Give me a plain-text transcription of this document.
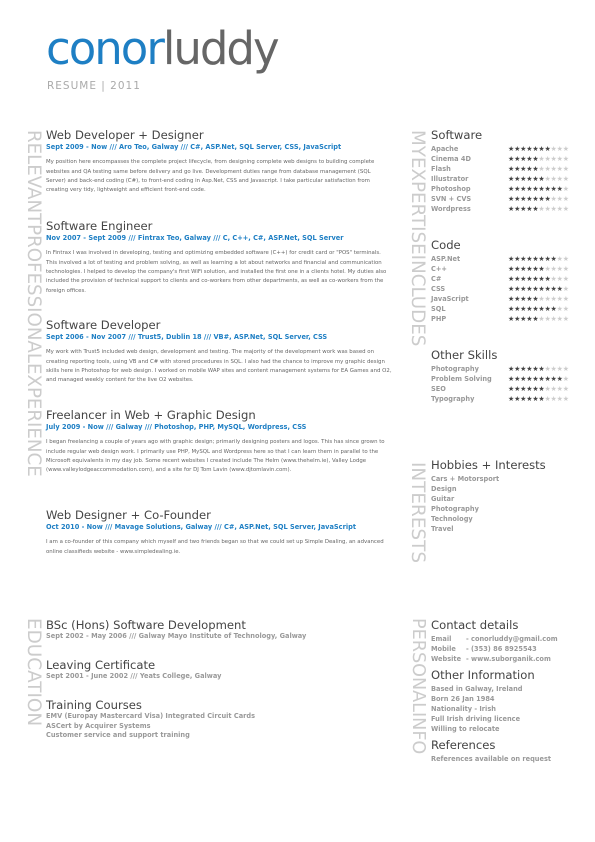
conorluddy
RESUME | 2011
RELEVANTPROFESSIONALEXPERIENCE	MYEXPERTISEINCLUDES
INTERESTS
EDUCATION	PERSONALINFO
Web Developer + Designer
Sept 2009 - Now /// Aro Teo, Galway /// C#, ASP.Net, SQL Server, CSS, JavaScript

My position here encompasses the complete project lifecycle, from designing complete web designs to building complete websites and QA testing same before delivery and go live. Development duties range from database management (SQL Server) and back-end coding (C#), to front-end coding in Asp.Net, CSS and Javascript. I take particular satisfaction from creating very tidy, lightweight and efficient front-end code.

Software Engineer
Nov 2007 - Sept 2009 /// Fintrax Teo, Galway /// C, C++, C#, ASP.Net, SQL Server

In Fintrax I was involved in developing, testing and optimizing embedded software (C++) for credit card or "POS" terminals. This involved a lot of testing and problem solving, as well as learning a lot about networks and financial and communication technologies. I helped to develop the company's first WiFi solution, and installed the first one in a clients hotel. My duties also included the provision of technical support to clients and co-workers from other departments, as well as co-workers from the foreign offices.

Software Developer
Sept 2006 - Nov 2007 /// Trust5, Dublin 18 /// VB#, ASP.Net, SQL Server, CSS

My work with Trust5 included web design, development and testing. The majority of the development work was based on creating reporting tools, using VB and C# with stored procedures in SQL. I also had the chance to improve my graphic design skills here in Photoshop for web design. I worked on mobile WAP sites and content management systems for EA Games and O2, and managed weekly content for the live O2 websites.

Freelancer in Web + Graphic Design
July 2009 - Now /// Galway /// Photoshop, PHP, MySQL, Wordpress, CSS

I began freelancing a couple of years ago with graphic design; primarily designing posters and logos. This has since grown to include regular web design work. I primarily use PHP, MySQL and Wordpress here so that I can learn them in parallel to the Microsoft equivalents in my day job. Some recent websites I created include The Helm (www.thehelm.ie), Valley Lodge (www.valleylodgeaccommodation.com), and a site for DJ Tom Lavin (www.djtomlavin.com).

Web Designer + Co-Founder
Oct 2010 - Now /// Mavage Solutions, Galway /// C#, ASP.Net, SQL Server, JavaScript

I am a co-founder of this company which myself and two friends began so that we could set up Simple Dealing, an advanced online classifieds website - www.simpledealing.ie.

BSc (Hons) Software Development
Sept 2002 - May 2006 /// Galway Mayo Institute of Technology, Galway
Leaving Certificate
Sept 2001 - June 2002 /// Yeats College, Galway
Training Courses
EMV (Europay Mastercard Visa) Integrated Circuit Cards
ASCert by Acquirer Systems
Customer service and support training
Software
Apache	★★★★★★★★★★
Cinema 4D	★★★★★★★★★★
Flash	★★★★★★★★★★
Illustrator	★★★★★★★★★★
Photoshop	★★★★★★★★★★
SVN + CVS	★★★★★★★★★★
Wordpress	★★★★★★★★★★
Code
ASP.Net	★★★★★★★★★★
C++	★★★★★★★★★★
C#	★★★★★★★★★★
CSS	★★★★★★★★★★
JavaScript	★★★★★★★★★★
SQL	★★★★★★★★★★
PHP	★★★★★★★★★★
Other Skills
Photography	★★★★★★★★★★
Problem Solving	★★★★★★★★★★
SEO	★★★★★★★★★★
Typography	★★★★★★★★★★
Hobbies + Interests
Cars + Motorsport
Design
Guitar
Photography
Technology
Travel
Contact details
Email	- conorluddy@gmail.com
Mobile	- (353) 86 8925543
Website - www.suborganik.com
Other Information
Based in Galway, Ireland
Born 26 Jan 1984
Nationality - Irish
Full Irish driving licence
Willing to relocate
References
References available on request
